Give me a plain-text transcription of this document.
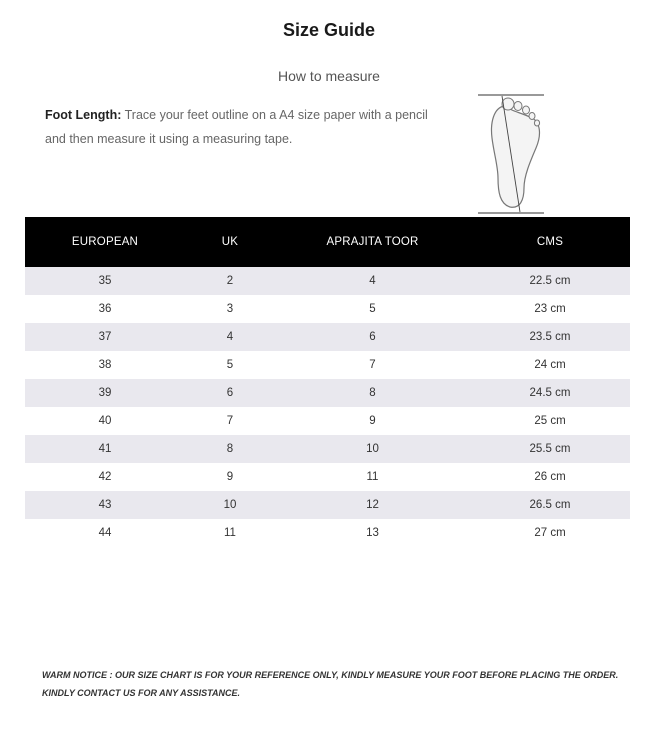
Size Guide
How to measure
Foot Length: Trace your feet outline on a A4 size paper with a pencil and then measure it using a measuring tape.
EUROPEAN	UK	APRAJITA TOOR	CMS
35	2	4	22.5 cm
36	3	5	23 cm
37	4	6	23.5 cm
38	5	7	24 cm
39	6	8	24.5 cm
40	7	9	25 cm
41	8	10	25.5 cm
42	9	11	26 cm
43	10	12	26.5 cm
44	11	13	27 cm
WARM NOTICE : OUR SIZE CHART IS FOR YOUR REFERENCE ONLY, KINDLY MEASURE YOUR FOOT BEFORE PLACING THE ORDER. KINDLY CONTACT US FOR ANY ASSISTANCE.
